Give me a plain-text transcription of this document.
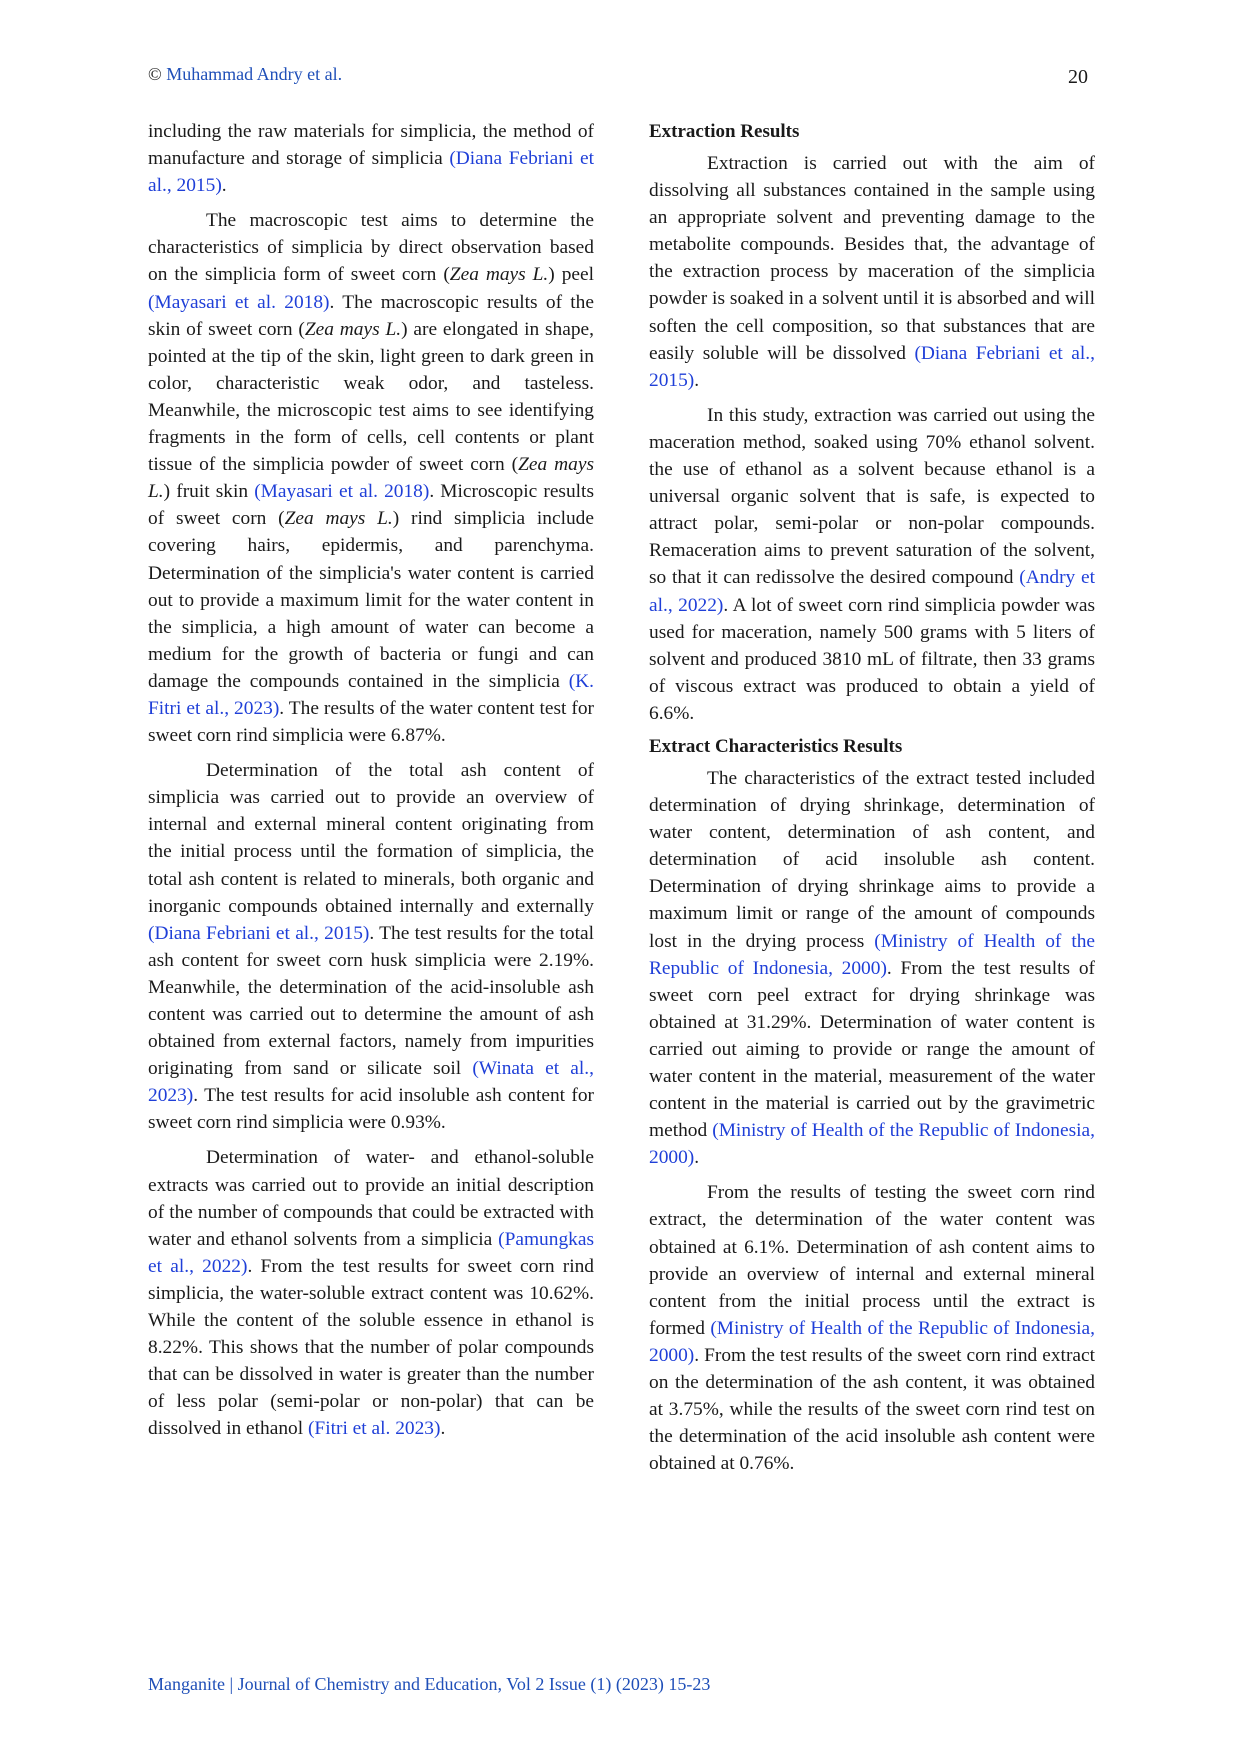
© Muhammad Andry et al.	20

including the raw materials for simplicia, the method of manufacture and storage of simplicia (Diana Febriani et al., 2015).

The macroscopic test aims to determine the characteristics of simplicia by direct observation based on the simplicia form of sweet corn (Zea mays L.) peel (Mayasari et al. 2018). The macroscopic results of the skin of sweet corn (Zea mays L.) are elongated in shape, pointed at the tip of the skin, light green to dark green in color, characteristic weak odor, and tasteless. Meanwhile, the microscopic test aims to see identifying fragments in the form of cells, cell contents or plant tissue of the simplicia powder of sweet corn (Zea mays L.) fruit skin (Mayasari et al. 2018). Microscopic results of sweet corn (Zea mays L.) rind simplicia include covering hairs, epidermis, and parenchyma. Determination of the simplicia's water content is carried out to provide a maximum limit for the water content in the simplicia, a high amount of water can become a medium for the growth of bacteria or fungi and can damage the compounds contained in the simplicia (K. Fitri et al., 2023). The results of the water content test for sweet corn rind simplicia were 6.87%.

Determination of the total ash content of simplicia was carried out to provide an overview of internal and external mineral content originating from the initial process until the formation of simplicia, the total ash content is related to minerals, both organic and inorganic compounds obtained internally and externally (Diana Febriani et al., 2015). The test results for the total ash content for sweet corn husk simplicia were 2.19%. Meanwhile, the determination of the acid-insoluble ash content was carried out to determine the amount of ash obtained from external factors, namely from impurities originating from sand or silicate soil (Winata et al., 2023). The test results for acid insoluble ash content for sweet corn rind simplicia were 0.93%.

Determination of water- and ethanol-soluble extracts was carried out to provide an initial description of the number of compounds that could be extracted with water and ethanol solvents from a simplicia (Pamungkas et al., 2022). From the test results for sweet corn rind simplicia, the water-soluble extract content was 10.62%. While the content of the soluble essence in ethanol is 8.22%. This shows that the number of polar compounds that can be dissolved in water is greater than the number of less polar (semi-polar or non-polar) that can be dissolved in ethanol (Fitri et al. 2023).

Extraction Results

Extraction is carried out with the aim of dissolving all substances contained in the sample using an appropriate solvent and preventing damage to the metabolite compounds. Besides that, the advantage of the extraction process by maceration of the simplicia powder is soaked in a solvent until it is absorbed and will soften the cell composition, so that substances that are easily soluble will be dissolved (Diana Febriani et al., 2015).

In this study, extraction was carried out using the maceration method, soaked using 70% ethanol solvent. the use of ethanol as a solvent because ethanol is a universal organic solvent that is safe, is expected to attract polar, semi-polar or non-polar compounds. Remaceration aims to prevent saturation of the solvent, so that it can redissolve the desired compound (Andry et al., 2022). A lot of sweet corn rind simplicia powder was used for maceration, namely 500 grams with 5 liters of solvent and produced 3810 mL of filtrate, then 33 grams of viscous extract was produced to obtain a yield of 6.6%.

Extract Characteristics Results

The characteristics of the extract tested included determination of drying shrinkage, determination of water content, determination of ash content, and determination of acid insoluble ash content. Determination of drying shrinkage aims to provide a maximum limit or range of the amount of compounds lost in the drying process (Ministry of Health of the Republic of Indonesia, 2000). From the test results of sweet corn peel extract for drying shrinkage was obtained at 31.29%. Determination of water content is carried out aiming to provide or range the amount of water content in the material, measurement of the water content in the material is carried out by the gravimetric method (Ministry of Health of the Republic of Indonesia, 2000).

From the results of testing the sweet corn rind extract, the determination of the water content was obtained at 6.1%. Determination of ash content aims to provide an overview of internal and external mineral content from the initial process until the extract is formed (Ministry of Health of the Republic of Indonesia, 2000). From the test results of the sweet corn rind extract on the determination of the ash content, it was obtained at 3.75%, while the results of the sweet corn rind test on the determination of the acid insoluble ash content were obtained at 0.76%.

Manganite | Journal of Chemistry and Education, Vol 2 Issue (1) (2023) 15-23
